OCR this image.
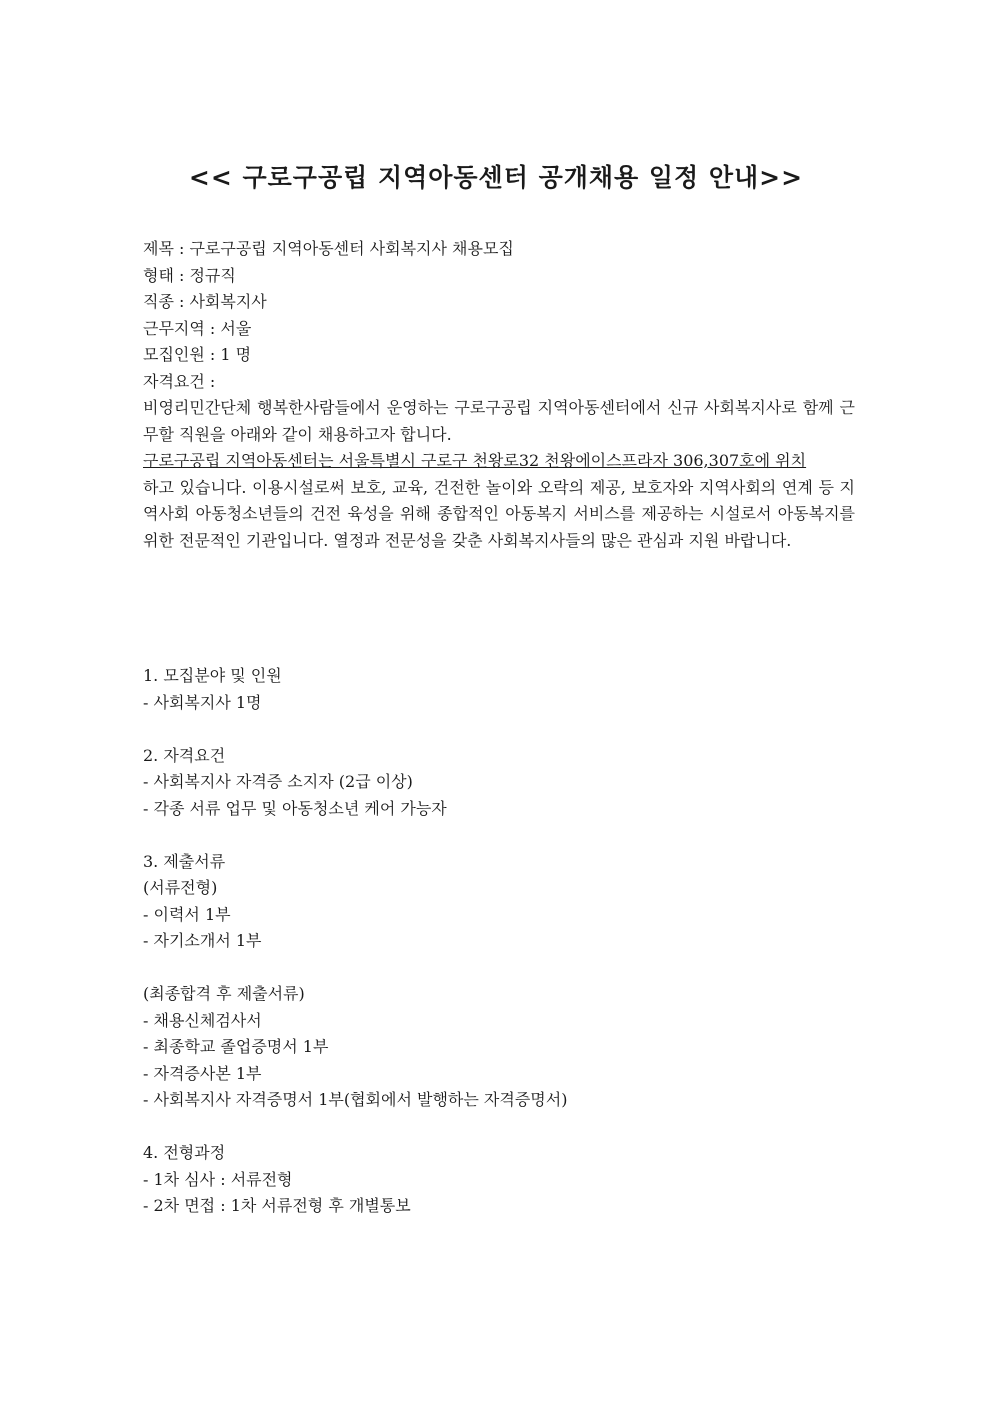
<< 구로구공립 지역아동센터 공개채용 일정 안내>>
제목 : 구로구공립 지역아동센터 사회복지사 채용모집
형태 : 정규직
직종 : 사회복지사
근무지역 : 서울
모집인원 : 1 명
자격요건 :

비영리민간단체 행복한사람들에서 운영하는 구로구공립 지역아동센터에서 신규 사회복지사로 함께 근무할 직원을 아래와 같이 채용하고자 합니다.

구로구공립 지역아동센터는 서울특별시 구로구 천왕로32 천왕에이스프라자 306,307호에 위치
하고 있습니다. 이용시설로써 보호, 교육, 건전한 놀이와 오락의 제공, 보호자와 지역사회의 연계 등 지역사회 아동청소년들의 건전 육성을 위해 종합적인 아동복지 서비스를 제공하는 시설로서 아동복지를 위한 전문적인 기관입니다. 열정과 전문성을 갖춘 사회복지사들의 많은 관심과 지원 바랍니다.

1. 모집분야 및 인원
- 사회복지사 1명
2. 자격요건
- 사회복지사 자격증 소지자 (2급 이상)
- 각종 서류 업무 및 아동청소년 케어 가능자
3. 제출서류
(서류전형)
- 이력서 1부
- 자기소개서 1부
(최종합격 후 제출서류)
- 채용신체검사서
- 최종학교 졸업증명서 1부
- 자격증사본 1부
- 사회복지사 자격증명서 1부(협회에서 발행하는 자격증명서)
4. 전형과정
- 1차 심사 : 서류전형
- 2차 면접 : 1차 서류전형 후 개별통보
